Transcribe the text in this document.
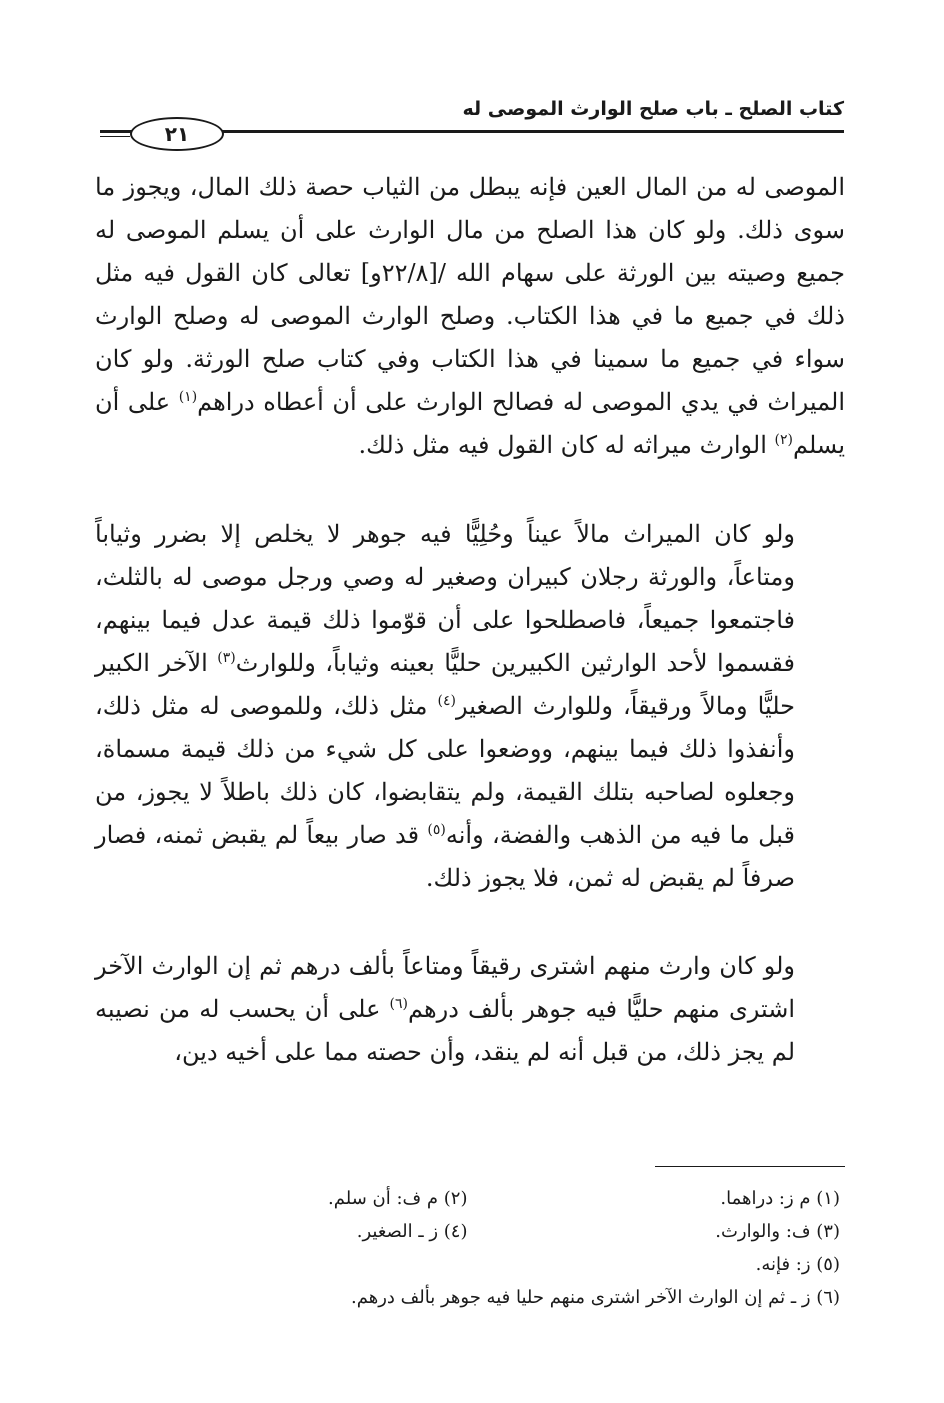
كتاب الصلح ـ باب صلح الوارث الموصى له
٢١

الموصى له من المال العين فإنه يبطل من الثياب حصة ذلك المال، ويجوز ما سوى ذلك. ولو كان هذا الصلح من مال الوارث على أن يسلم الموصى له جميع وصيته بين الورثة على سهام الله /[٢٢/٨و] تعالى كان القول فيه مثل ذلك في جميع ما في هذا الكتاب. وصلح الوارث الموصى له وصلح الوارث سواء في جميع ما سمينا في هذا الكتاب وفي كتاب صلح الورثة. ولو كان الميراث في يدي الموصى له فصالح الوارث على أن أعطاه دراهم$^{(١)}$ على أن يسلم$^{(٢)}$ الوارث ميراثه له كان القول فيه مثل ذلك.

ولو كان الميراث مالاً عيناً وحُلِيًّا فيه جوهر لا يخلص إلا بضرر وثياباً ومتاعاً، والورثة رجلان كبيران وصغير له وصي ورجل موصى له بالثلث، فاجتمعوا جميعاً، فاصطلحوا على أن قوّموا ذلك قيمة عدل فيما بينهم، فقسموا لأحد الوارثين الكبيرين حليًّا بعينه وثياباً، وللوارث$^{(٣)}$ الآخر الكبير حليًّا ومالاً ورقيقاً، وللوارث الصغير$^{(٤)}$ مثل ذلك، وللموصى له مثل ذلك، وأنفذوا ذلك فيما بينهم، ووضعوا على كل شيء من ذلك قيمة مسماة، وجعلوه لصاحبه بتلك القيمة، ولم يتقابضوا، كان ذلك باطلاً لا يجوز، من قبل ما فيه من الذهب والفضة، وأنه$^{(٥)}$ قد صار بيعاً لم يقبض ثمنه، فصار صرفاً لم يقبض له ثمن، فلا يجوز ذلك.

ولو كان وارث منهم اشترى رقيقاً ومتاعاً بألف درهم ثم إن الوارث الآخر اشترى منهم حليًّا فيه جوهر بألف درهم$^{(٦)}$ على أن يحسب له من نصيبه لم يجز ذلك، من قبل أنه لم ينقد، وأن حصته مما على أخيه دين،

(١) م ز: دراهما.
(٢) م ف: أن سلم.
(٣) ف: والوارث.
(٤) ز ـ الصغير.
(٥) ز: فإنه.
(٦) ز ـ ثم إن الوارث الآخر اشترى منهم حليا فيه جوهر بألف درهم.
